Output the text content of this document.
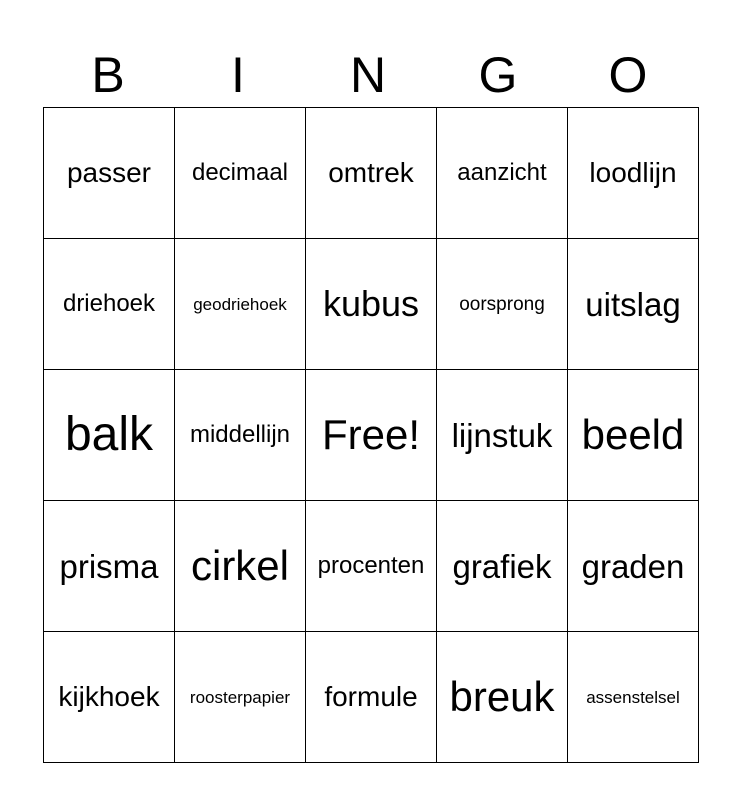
B	I	N	G	O
passer	decimaal	omtrek	aanzicht	loodlijn
driehoek	geodriehoek	kubus	oorsprong	uitslag
balk	middellijn	Free!	lijnstuk	beeld
prisma	cirkel	procenten	grafiek	graden
kijkhoek	roosterpapier	formule	breuk	assenstelsel
